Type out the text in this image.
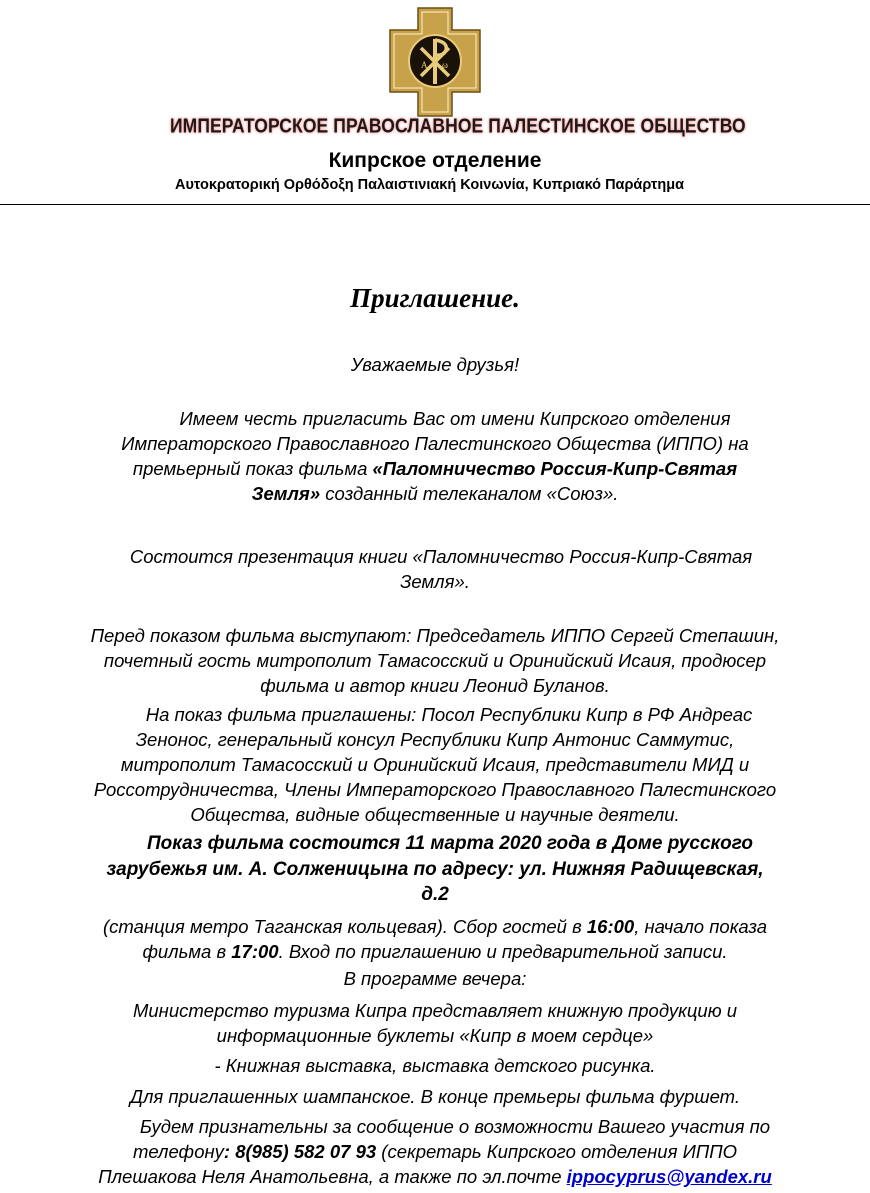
A ω
ИМПЕРАТОРСКОЕ ПРАВОСЛАВНОЕ ПАЛЕСТИНСКОЕ ОБЩЕСТВО
Кипрское отделение
Αυτοκρατορική Ορθόδοξη Παλαιστινιακή Κοινωνία, Κυπριακό Παράρτημα
Приглашение.
Уважаемые друзья!
Имеем честь пригласить Вас от имени Кипрского отделения
Императорского Православного Палестинского Общества (ИППО) на
премьерный показ фильма «Паломничество Россия-Кипр-Святая
Земля» созданный телеканалом «Союз».
Состоится презентация книги «Паломничество Россия-Кипр-Святая
Земля».
Перед показом фильма выступают: Председатель ИППО Сергей Степашин,
почетный гость митрополит Тамасосский и Оринийский Исаия, продюсер
фильма и автор книги Леонид Буланов.
На показ фильма приглашены: Посол Республики Кипр в РФ Андреас
Зенонос, генеральный консул Республики Кипр Антонис Саммутис,
митрополит Тамасосский и Оринийский Исаия, представители МИД и
Россотрудничества, Члены Императорского Православного Палестинского
Общества, видные общественные и научные деятели.
Показ фильма состоится 11 марта 2020 года в Доме русского
зарубежья им. А. Солженицына по адресу: ул. Нижняя Радищевская,
д.2
(станция метро Таганская кольцевая). Сбор гостей в 16:00, начало показа
фильма в 17:00. Вход по приглашению и предварительной записи.
В программе вечера:
Министерство туризма Кипра представляет книжную продукцию и
информационные буклеты «Кипр в моем сердце»
- Книжная выставка, выставка детского рисунка.
Для приглашенных шампанское. В конце премьеры фильма фуршет.
Будем признательны за сообщение о возможности Вашего участия по
телефону: 8(985) 582 07 93 (секретарь Кипрского отделения ИППО
Плешакова Неля Анатольевна, а также по эл.почте ippocyprus@yandex.ru
